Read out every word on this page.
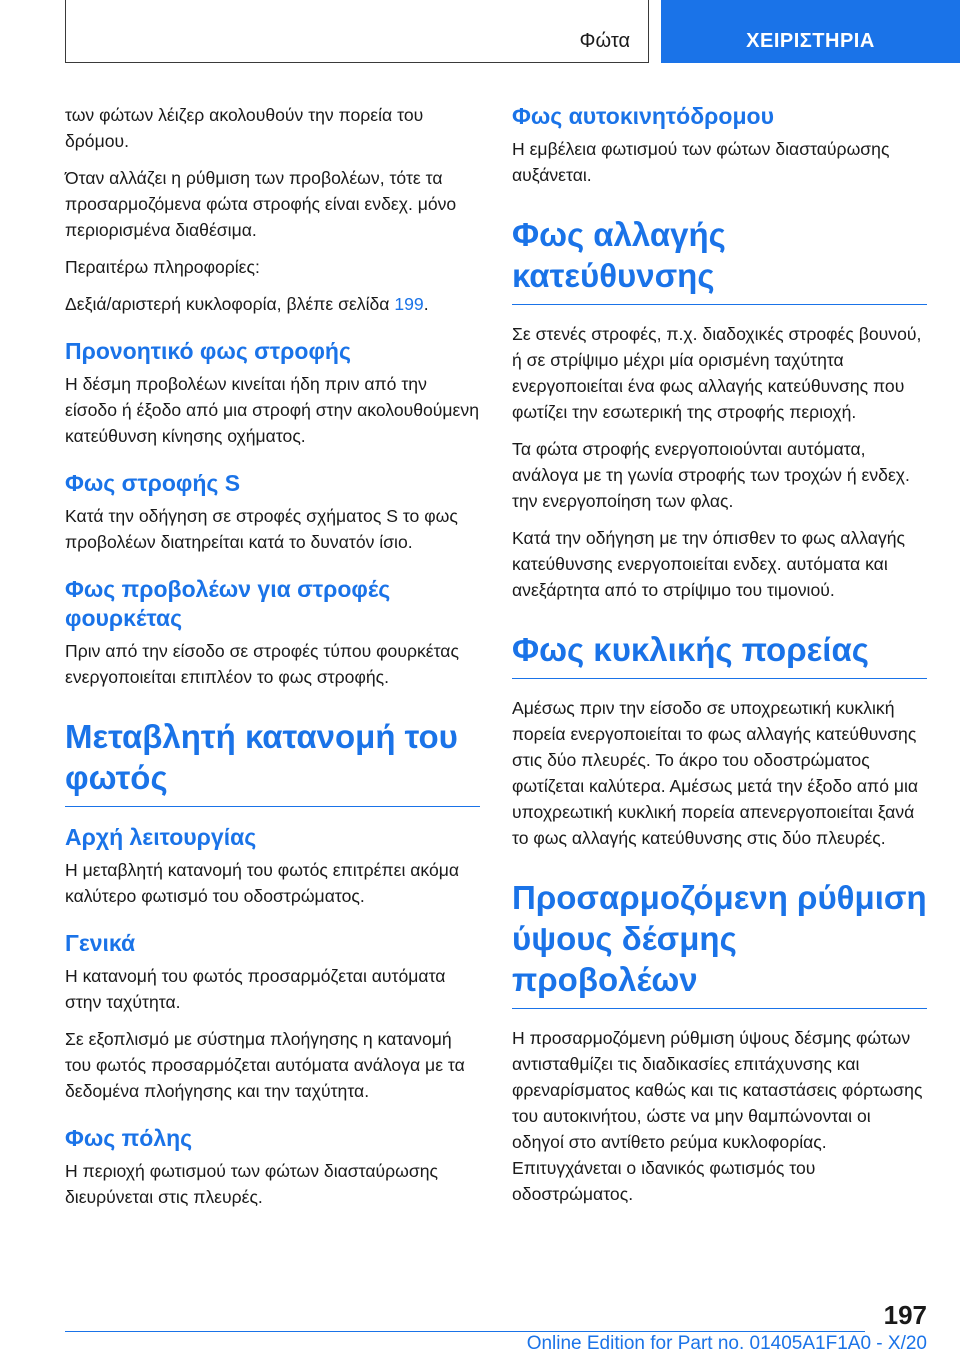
Φώτα	ΧΕΙΡΙΣΤΗΡΙΑ

των φώτων λέιζερ ακολουθούν την πορεία του δρόμου.

Όταν αλλάζει η ρύθμιση των προβολέων, τότε τα προσαρμοζόμενα φώτα στροφής είναι ενδεχ. μόνο περιορισμένα διαθέσιμα.

Περαιτέρω πληροφορίες:

Δεξιά/αριστερή κυκλοφορία, βλέπε σελίδα 199.

Προνοητικό φως στροφής

Η δέσμη προβολέων κινείται ήδη πριν από την είσοδο ή έξοδο από μια στροφή στην ακολουθούμενη κατεύθυνση κίνησης οχήματος.

Φως στροφής S

Κατά την οδήγηση σε στροφές σχήματος S το φως προβολέων διατηρείται κατά το δυνατόν ίσιο.

Φως προβολέων για στροφές φουρκέτας

Πριν από την είσοδο σε στροφές τύπου φουρκέτας ενεργοποιείται επιπλέον το φως στροφής.

Μεταβλητή κατανομή του φωτός
Αρχή λειτουργίας

Η μεταβλητή κατανομή του φωτός επιτρέπει ακόμα καλύτερο φωτισμό του οδοστρώματος.

Γενικά

Η κατανομή του φωτός προσαρμόζεται αυτόματα στην ταχύτητα.

Σε εξοπλισμό με σύστημα πλοήγησης η κατανομή του φωτός προσαρμόζεται αυτόματα ανάλογα με τα δεδομένα πλοήγησης και την ταχύτητα.

Φως πόλης

Η περιοχή φωτισμού των φώτων διασταύρωσης διευρύνεται στις πλευρές.

Φως αυτοκινητόδρομου

Η εμβέλεια φωτισμού των φώτων διασταύρωσης αυξάνεται.

Φως αλλαγής κατεύθυνσης

Σε στενές στροφές, π.χ. διαδοχικές στροφές βουνού, ή σε στρίψιμο μέχρι μία ορισμένη ταχύτητα ενεργοποιείται ένα φως αλλαγής κατεύθυνσης που φωτίζει την εσωτερική της στροφής περιοχή.

Τα φώτα στροφής ενεργοποιούνται αυτόματα, ανάλογα με τη γωνία στροφής των τροχών ή ενδεχ. την ενεργοποίηση των φλας.

Κατά την οδήγηση με την όπισθεν το φως αλλαγής κατεύθυνσης ενεργοποιείται ενδεχ. αυτόματα και ανεξάρτητα από το στρίψιμο του τιμονιού.

Φως κυκλικής πορείας

Αμέσως πριν την είσοδο σε υποχρεωτική κυκλική πορεία ενεργοποιείται το φως αλλαγής κατεύθυνσης στις δύο πλευρές. Το άκρο του οδοστρώματος φωτίζεται καλύτερα. Αμέσως μετά την έξοδο από μια υποχρεωτική κυκλική πορεία απενεργοποιείται ξανά το φως αλλαγής κατεύθυνσης στις δύο πλευρές.

Προσαρμοζόμενη ρύθμιση ύψους δέσμης προβολέων

Η προσαρμοζόμενη ρύθμιση ύψους δέσμης φώτων αντισταθμίζει τις διαδικασίες επιτάχυνσης και φρεναρίσματος καθώς και τις καταστάσεις φόρτωσης του αυτοκινήτου, ώστε να μην θαμπώνονται οι οδηγοί στο αντίθετο ρεύμα κυκλοφορίας. Επιτυγχάνεται ο ιδανικός φωτισμός του οδοστρώματος.

197
Online Edition for Part no. 01405A1F1A0 - X/20
